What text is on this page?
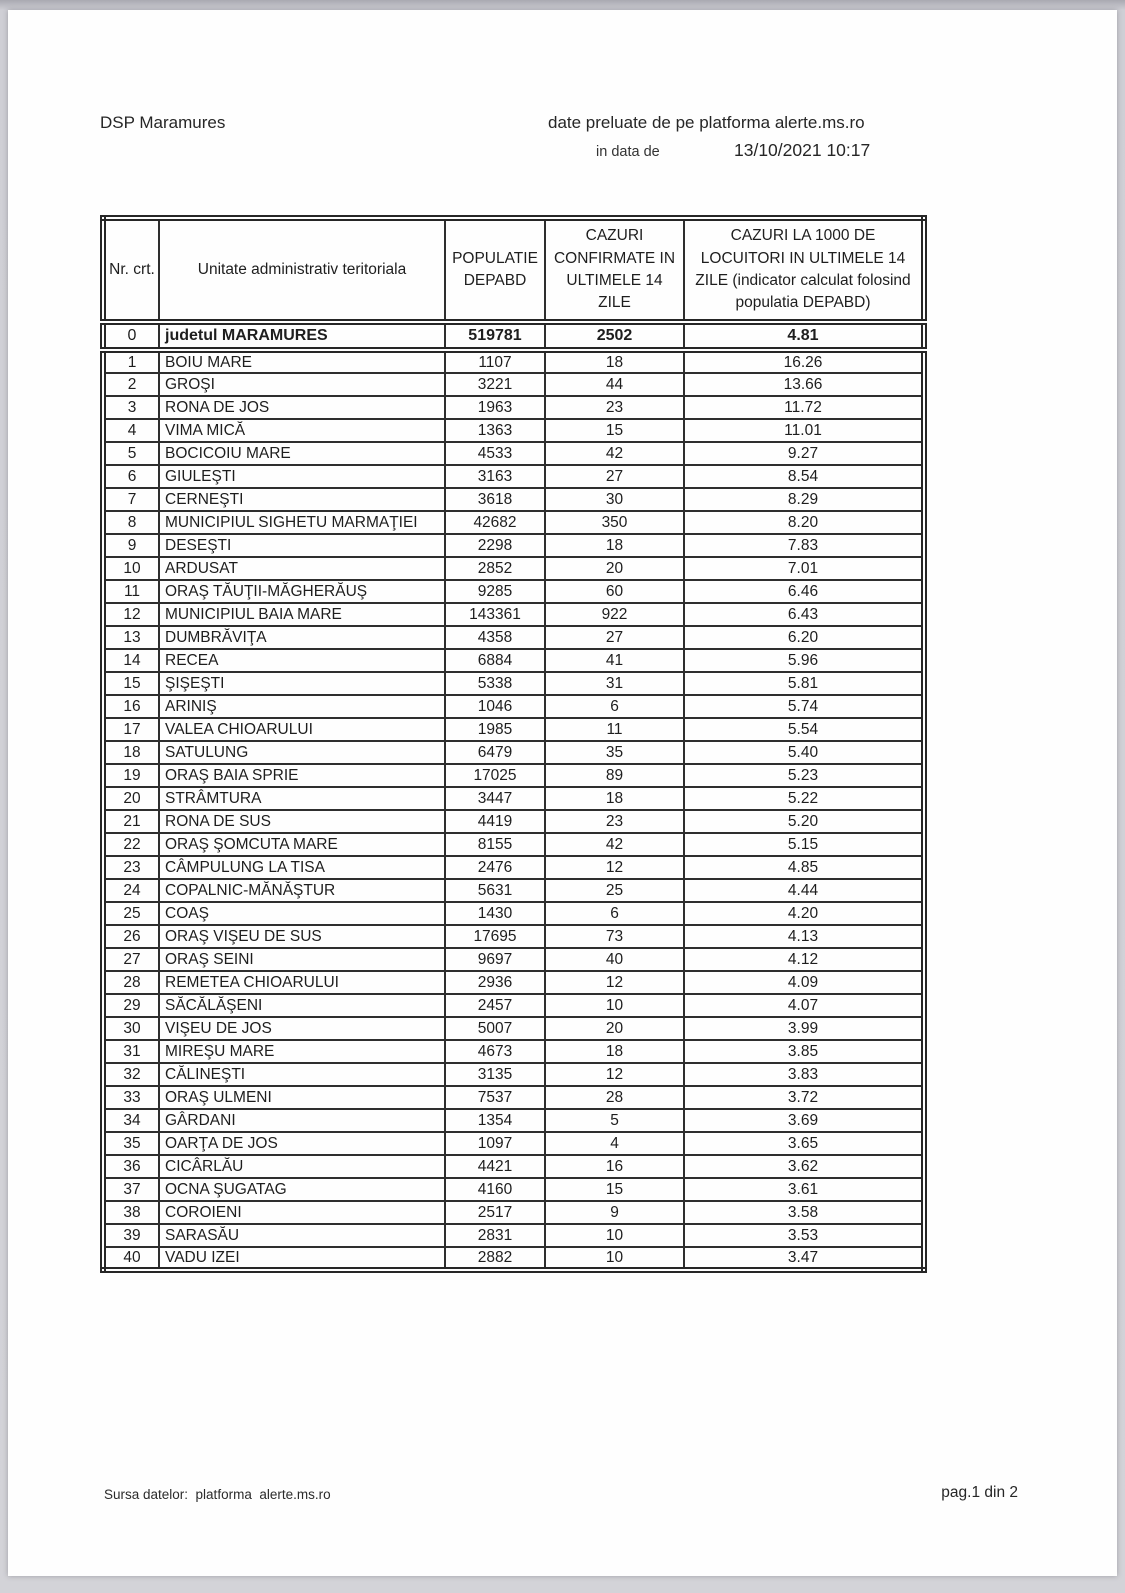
DSP Maramures	date preluate de pe platforma alerte.ms.ro
in data de	13/10/2021 10:17
Nr. crt.	Unitate administrativ teritoriala	POPULATIE DEPABD	CAZURI CONFIRMATE IN ULTIMELE 14 ZILE	CAZURI LA 1000 DE LOCUITORI IN ULTIMELE 14 ZILE (indicator calculat folosind populatia DEPABD)
0	judetul MARAMURES	519781	2502	4.81
1	BOIU MARE	1107	18	16.26
2	GROŞI	3221	44	13.66
3	RONA DE JOS	1963	23	11.72
4	VIMA MICĂ	1363	15	11.01
5	BOCICOIU MARE	4533	42	9.27
6	GIULEŞTI	3163	27	8.54
7	CERNEŞTI	3618	30	8.29
8	MUNICIPIUL SIGHETU MARMAŢIEI	42682	350	8.20
9	DESEŞTI	2298	18	7.83
10	ARDUSAT	2852	20	7.01
11	ORAŞ TĂUŢII-MĂGHERĂUŞ	9285	60	6.46
12	MUNICIPIUL BAIA MARE	143361	922	6.43
13	DUMBRĂVIŢA	4358	27	6.20
14	RECEA	6884	41	5.96
15	ŞIŞEŞTI	5338	31	5.81
16	ARINIŞ	1046	6	5.74
17	VALEA CHIOARULUI	1985	11	5.54
18	SATULUNG	6479	35	5.40
19	ORAŞ BAIA SPRIE	17025	89	5.23
20	STRÂMTURA	3447	18	5.22
21	RONA DE SUS	4419	23	5.20
22	ORAŞ ŞOMCUTA MARE	8155	42	5.15
23	CÂMPULUNG LA TISA	2476	12	4.85
24	COPALNIC-MĂNĂŞTUR	5631	25	4.44
25	COAŞ	1430	6	4.20
26	ORAŞ VIŞEU DE SUS	17695	73	4.13
27	ORAŞ SEINI	9697	40	4.12
28	REMETEA CHIOARULUI	2936	12	4.09
29	SĂCĂLĂŞENI	2457	10	4.07
30	VIŞEU DE JOS	5007	20	3.99
31	MIREŞU MARE	4673	18	3.85
32	CĂLINEŞTI	3135	12	3.83
33	ORAŞ ULMENI	7537	28	3.72
34	GÂRDANI	1354	5	3.69
35	OARŢA DE JOS	1097	4	3.65
36	CICÂRLĂU	4421	16	3.62
37	OCNA ŞUGATAG	4160	15	3.61
38	COROIENI	2517	9	3.58
39	SARASĂU	2831	10	3.53
40	VADU IZEI	2882	10	3.47
Sursa datelor:  platforma  alerte.ms.ro	pag.1 din 2
